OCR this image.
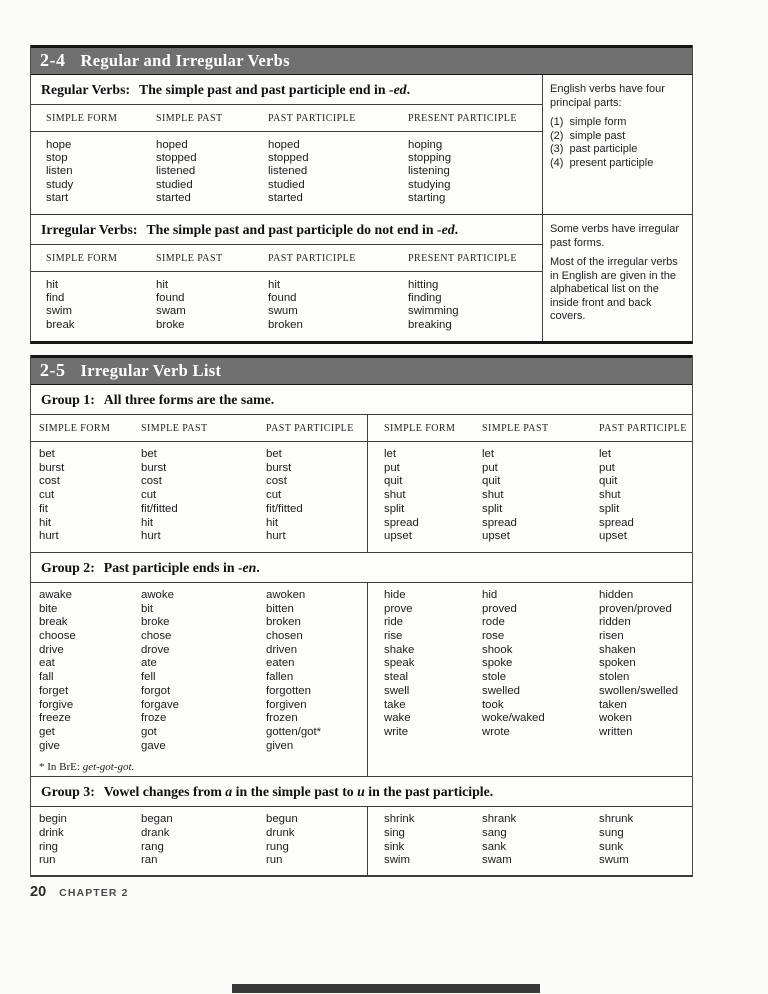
2-4 Regular and Irregular Verbs
Regular Verbs: The simple past and past participle end in -ed.
SIMPLE FORM	SIMPLE PAST	PAST PARTICIPLE	PRESENT PARTICIPLE
hope	hoped	hoped	hoping
stop	stopped	stopped	stopping
listen	listened	listened	listening
study	studied	studied	studying
start	started	started	starting

English verbs have four principal parts:

(1)  simple form
(2)  simple past
(3)  past participle
(4)  present participle
Irregular Verbs: The simple past and past participle do not end in -ed.
SIMPLE FORM	SIMPLE PAST	PAST PARTICIPLE	PRESENT PARTICIPLE
hit	hit	hit	hitting
find	found	found	finding
swim	swam	swum	swimming
break	broke	broken	breaking

Some verbs have irregular past forms.

Most of the irregular verbs in English are given in the alphabetical list on the inside front and back covers.

2-5 Irregular Verb List
Group 1: All three forms are the same.
SIMPLE FORM	SIMPLE PAST	PAST PARTICIPLE	SIMPLE FORM	SIMPLE PAST	PAST PARTICIPLE
bet	bet	bet
burst	burst	burst
cost	cost	cost
cut	cut	cut
fit	fit/fitted	fit/fitted
hit	hit	hit
hurt	hurt	hurt
let	let	let
put	put	put
quit	quit	quit
shut	shut	shut
split	split	split
spread	spread	spread
upset	upset	upset
Group 2: Past participle ends in -en.
awake	awoke	awoken
bite	bit	bitten
break	broke	broken
choose	chose	chosen
drive	drove	driven
eat	ate	eaten
fall	fell	fallen
forget	forgot	forgotten
forgive	forgave	forgiven
freeze	froze	frozen
get	got	gotten/got*
give	gave	given
* In BrE: get-got-got.
hide	hid	hidden
prove	proved	proven/proved
ride	rode	ridden
rise	rose	risen
shake	shook	shaken
speak	spoke	spoken
steal	stole	stolen
swell	swelled	swollen/swelled
take	took	taken
wake	woke/waked	woken
write	wrote	written
Group 3: Vowel changes from a in the simple past to u in the past participle.
begin	began	begun
drink	drank	drunk
ring	rang	rung
run	ran	run
shrink	shrank	shrunk
sing	sang	sung
sink	sank	sunk
swim	swam	swum
20 CHAPTER 2
